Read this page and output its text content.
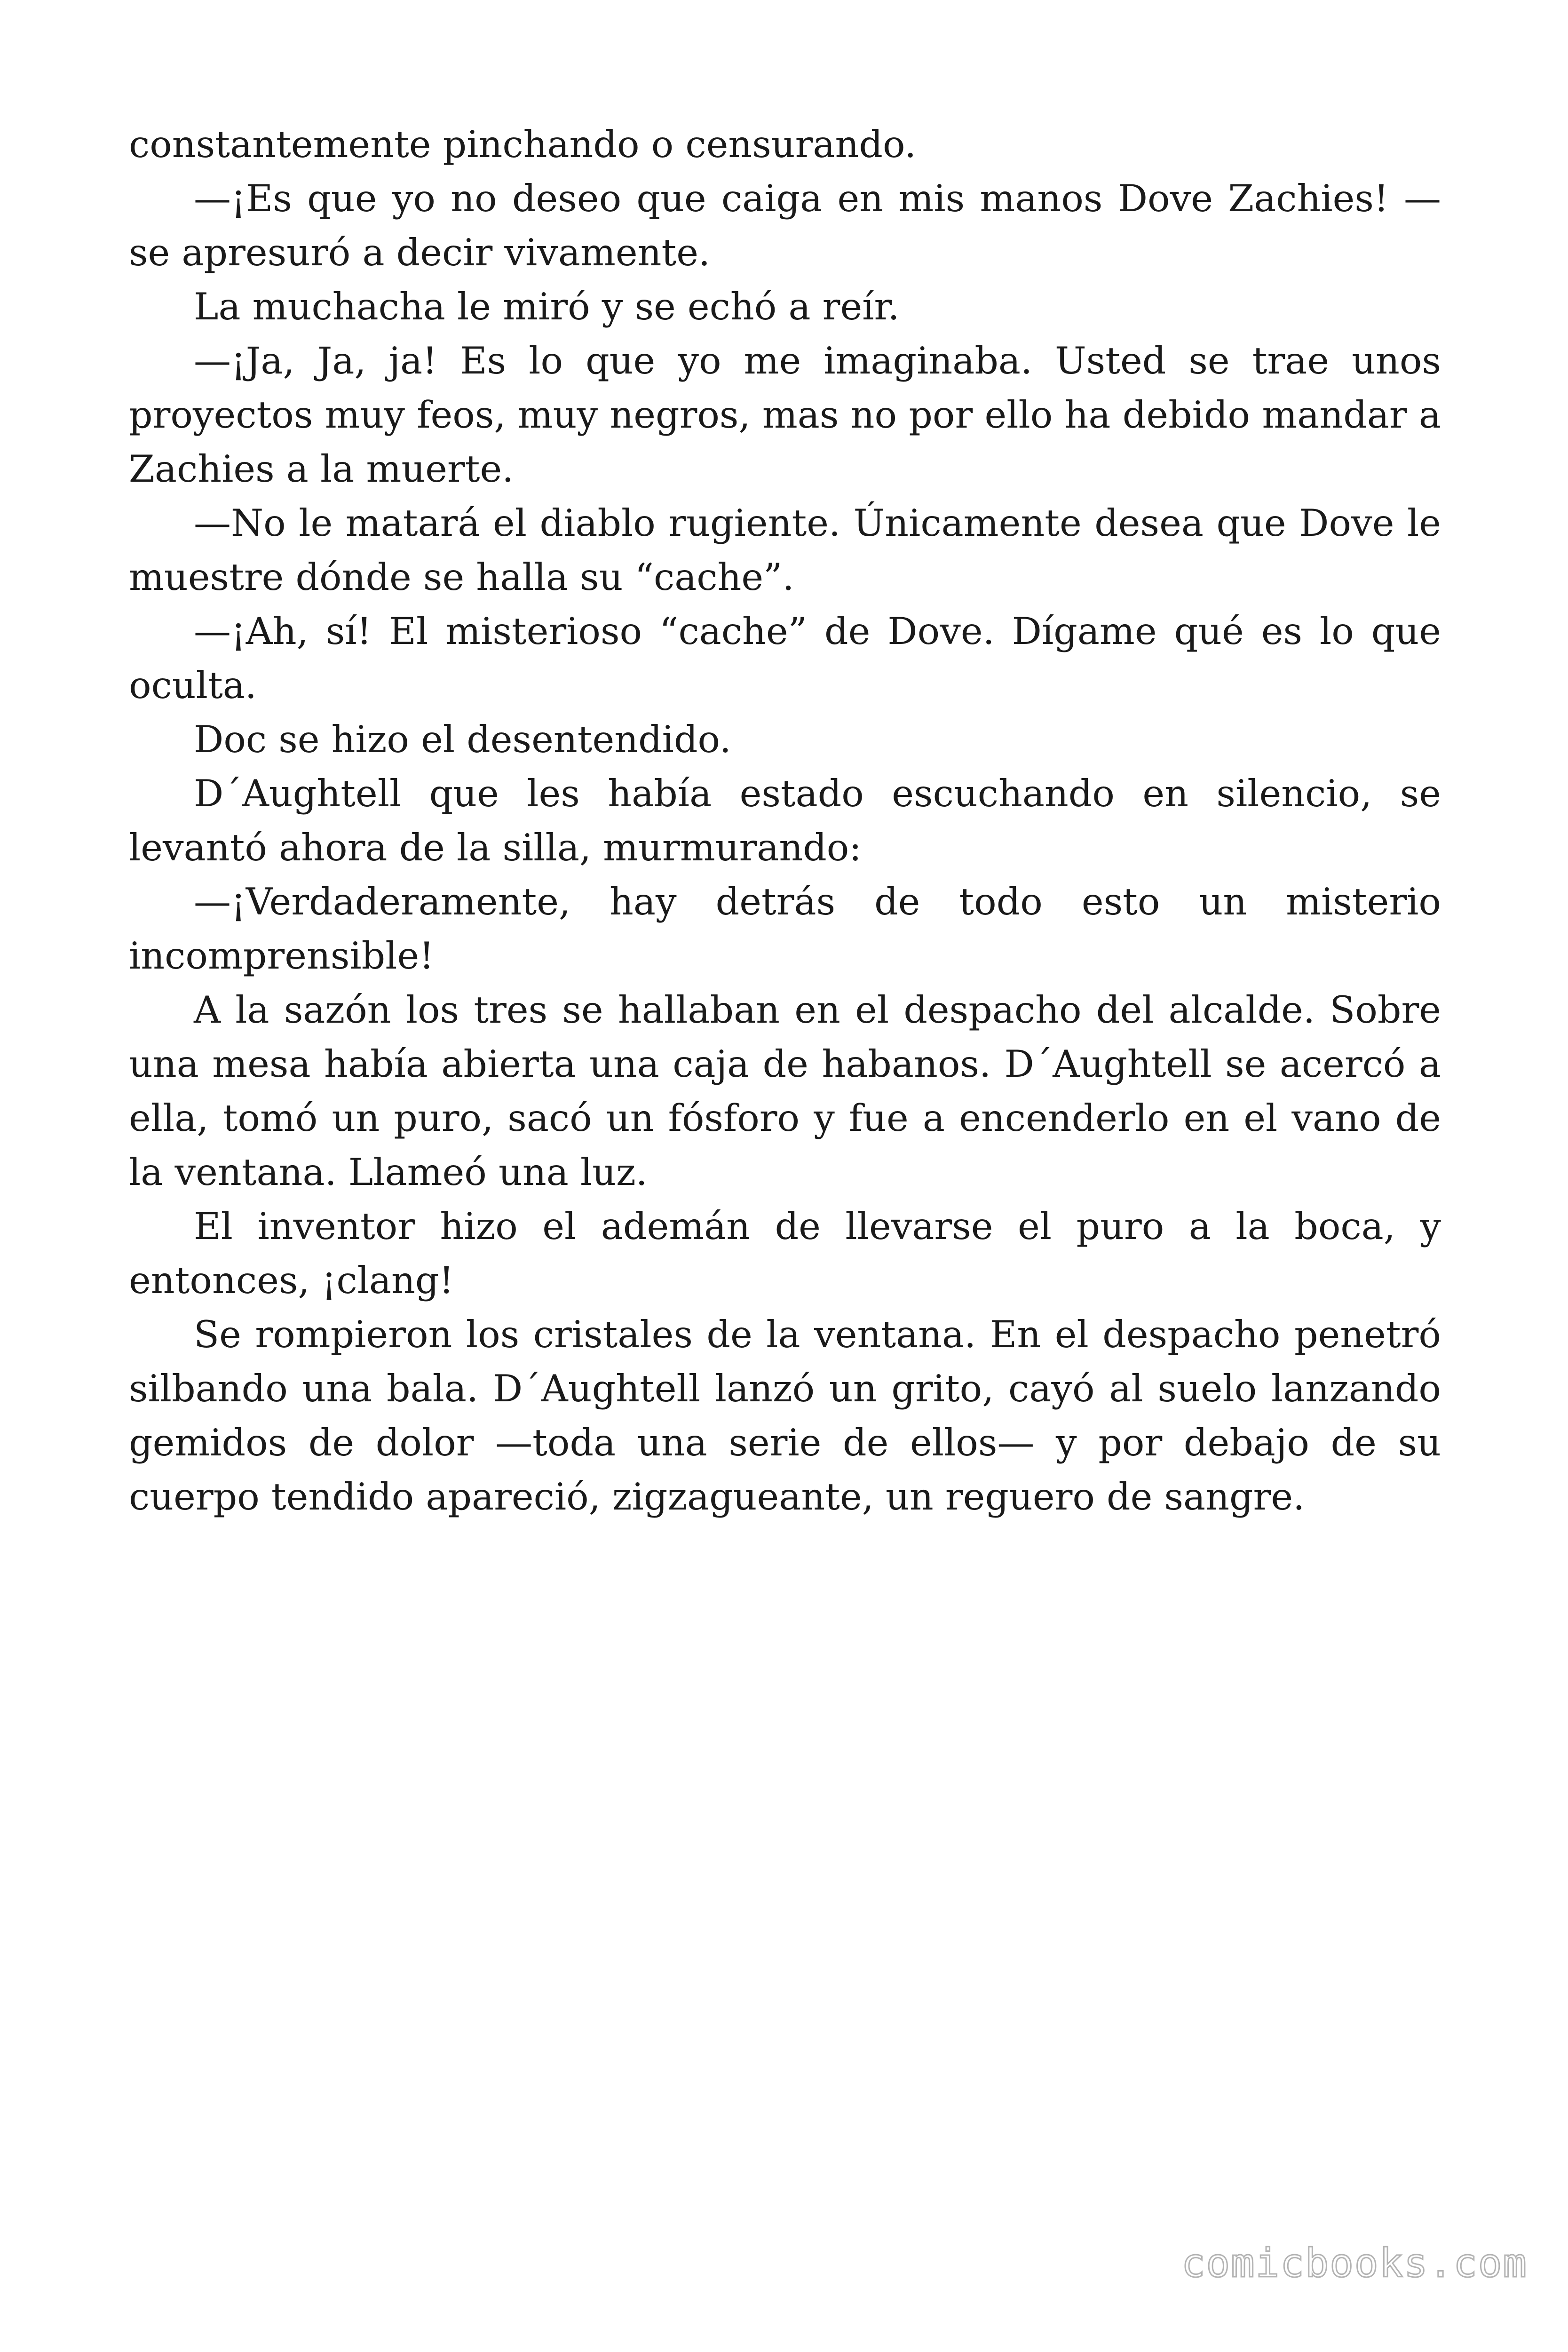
constantemente pinchando o censurando.

—¡Es que yo no deseo que caiga en mis manos Dove Zachies! —se apresuró a decir vivamente.

La muchacha le miró y se echó a reír.

—¡Ja, Ja, ja! Es lo que yo me imaginaba. Usted se trae unos proyectos muy feos, muy negros, mas no por ello ha debido mandar a Zachies a la muerte.

—No le matará el diablo rugiente. Únicamente desea que Dove le muestre dónde se halla su “cache”.

—¡Ah, sí! El misterioso “cache” de Dove. Dígame qué es lo que oculta.

Doc se hizo el desentendido.

D´Aughtell que les había estado escuchando en silencio, se levantó ahora de la silla, murmurando:

—¡Verdaderamente, hay detrás de todo esto un misterio incomprensible!

A la sazón los tres se hallaban en el despacho del alcalde. Sobre una mesa había abierta una caja de habanos. D´Aughtell se acercó a ella, tomó un puro, sacó un fósforo y fue a encenderlo en el vano de la ventana. Llameó una luz.

El inventor hizo el ademán de llevarse el puro a la boca, y entonces, ¡clang!

Se rompieron los cristales de la ventana. En el despacho penetró silbando una bala. D´Aughtell lanzó un grito, cayó al suelo lanzando gemidos de dolor —toda una serie de ellos— y por debajo de su cuerpo tendido apareció, zigzagueante, un reguero de sangre.

comicbooks.com
